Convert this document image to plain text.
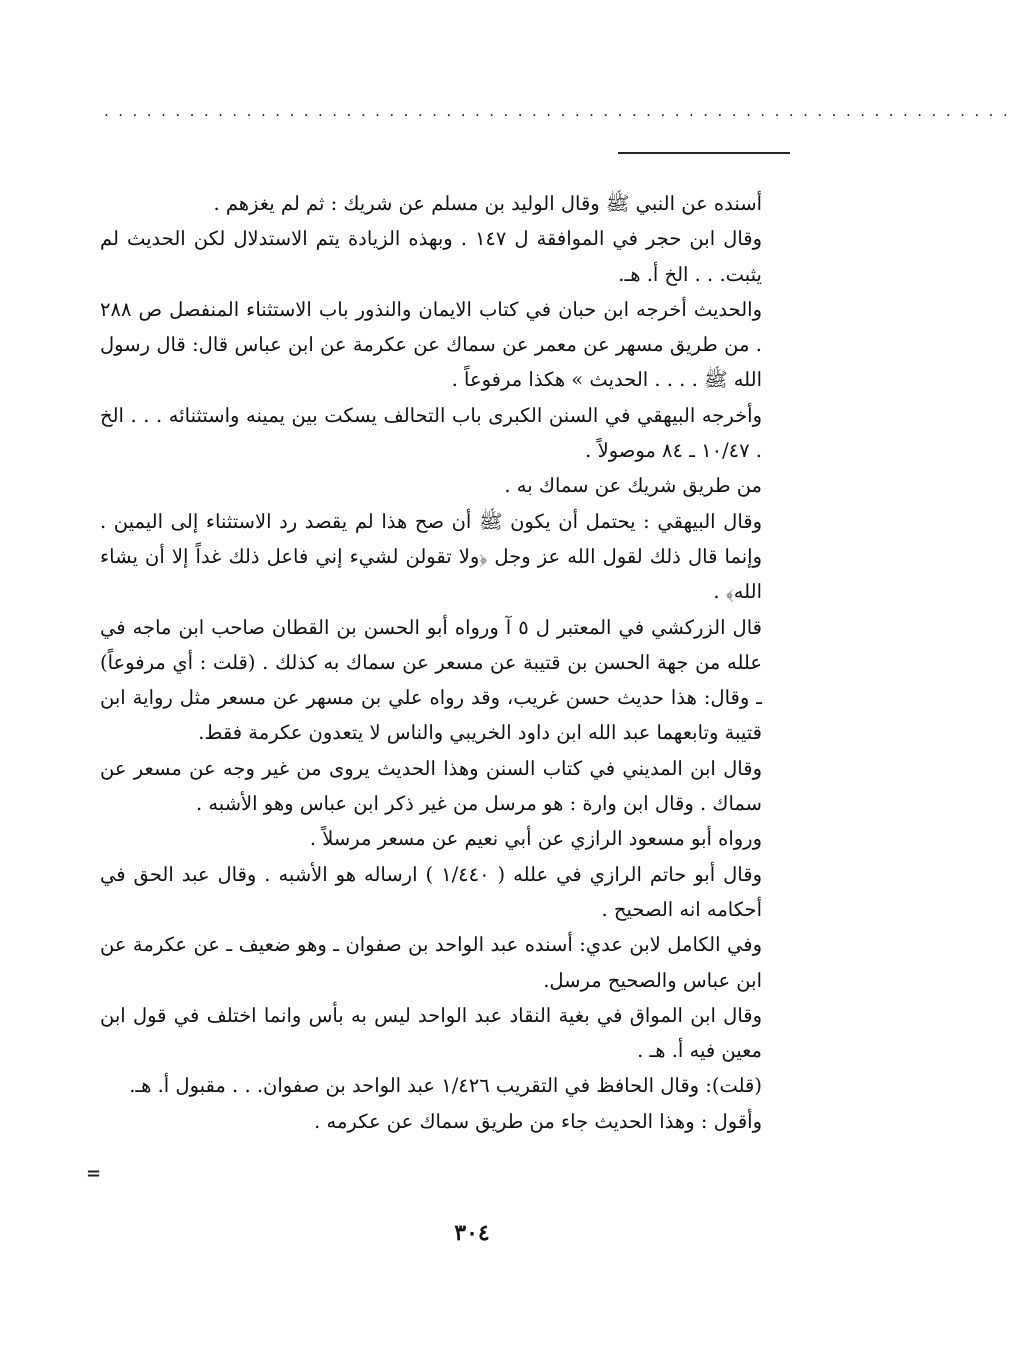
................................................................

أسنده عن النبي ﷺ وقال الوليد بن مسلم عن شريك : ثم لم يغزهم .

وقال ابن حجر في الموافقة ل ١٤٧ . وبهذه الزيادة يتم الاستدلال لكن الحديث لم يثبت. . . الخ أ. هـ.

والحديث أخرجه ابن حبان في كتاب الايمان والنذور باب الاستثناء المنفصل ص ٢٨٨ . من طريق مسهر عن معمر عن سماك عن عكرمة عن ابن عباس قال: قال رسول الله ﷺ . . . . الحديث » هكذا مرفوعاً .

وأخرجه البيهقي في السنن الكبرى باب التحالف يسكت بين يمينه واستثنائه . . . الخ . ١٠/٤٧ ـ ٨٤ موصولاً .

من طريق شريك عن سماك به .

وقال البيهقي : يحتمل أن يكون ﷺ أن صح هذا لم يقصد رد الاستثناء إلى اليمين . وإنما قال ذلك لقول الله عز وجل ﴿ولا تقولن لشيء إني فاعل ذلك غداً إلا أن يشاء الله﴾ .

قال الزركشي في المعتبر ل ٥ آ ورواه أبو الحسن بن القطان صاحب ابن ماجه في علله من جهة الحسن بن قتيبة عن مسعر عن سماك به كذلك . (قلت : أي مرفوعاً) ـ وقال: هذا حديث حسن غريب، وقد رواه علي بن مسهر عن مسعر مثل رواية ابن قتيبة وتابعهما عبد الله ابن داود الخريبي والناس لا يتعدون عكرمة فقط.

وقال ابن المديني في كتاب السنن وهذا الحديث يروى من غير وجه عن مسعر عن سماك . وقال ابن وارة : هو مرسل من غير ذكر ابن عباس وهو الأشبه .

ورواه أبو مسعود الرازي عن أبي نعيم عن مسعر مرسلاً .

وقال أبو حاتم الرازي في علله ( ١/٤٤٠ ) ارساله هو الأشبه . وقال عبد الحق في أحكامه انه الصحيح .

وفي الكامل لابن عدي: أسنده عبد الواحد بن صفوان ـ وهو ضعيف ـ عن عكرمة عن ابن عباس والصحيح مرسل.

وقال ابن المواق في بغية النقاد عبد الواحد ليس به بأس وانما اختلف في قول ابن معين فيه أ. هـ .

(قلت): وقال الحافظ في التقريب ١/٤٢٦ عبد الواحد بن صفوان. . . مقبول أ. هـ.

وأقول : وهذا الحديث جاء من طريق سماك عن عكرمه .

=
٣٠٤
